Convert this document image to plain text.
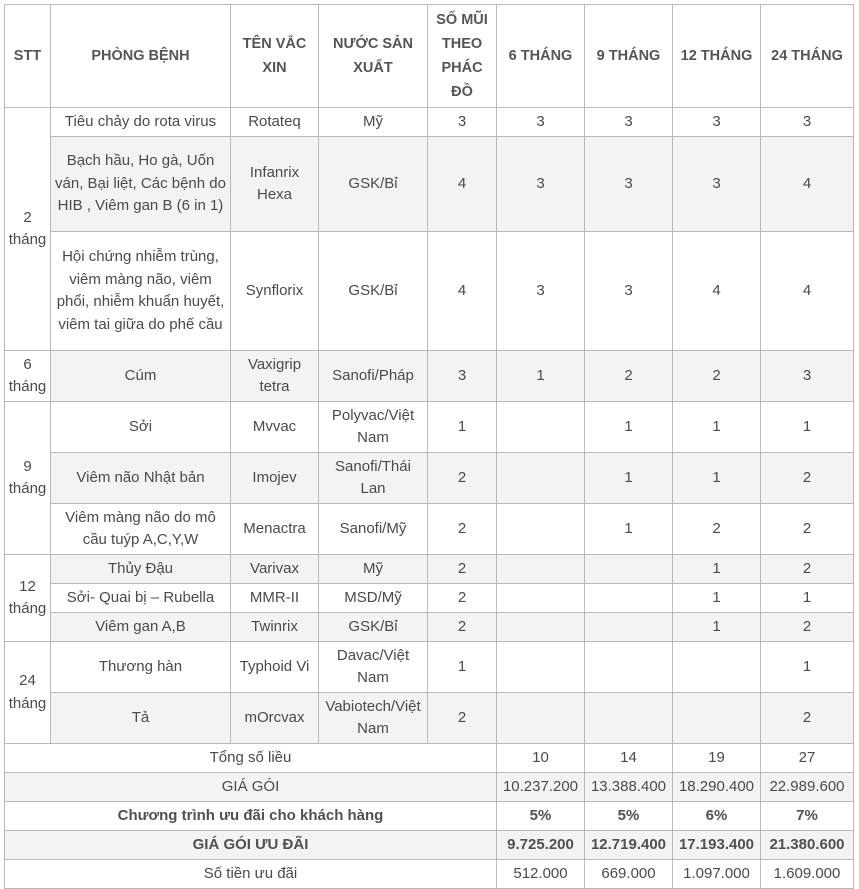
STT	PHÒNG BỆNH	TÊN VẮC XIN	NƯỚC SẢN XUẤT	SỐ MŨI THEO PHÁC ĐỒ	6 THÁNG	9 THÁNG	12 THÁNG	24 THÁNG
2 tháng	Tiêu chảy do rota virus	Rotateq	Mỹ	3	3	3	3	3
	Bạch hầu, Ho gà, Uốn ván, Bại liệt, Các bệnh do HIB , Viêm gan B (6 in 1)	Infanrix Hexa	GSK/Bỉ	4	3	3	3	4
	Hội chứng nhiễm trùng, viêm màng não, viêm phổi, nhiễm khuẩn huyết, viêm tai giữa do phế cầu	Synflorix	GSK/Bỉ	4	3	3	4	4
6 tháng	Cúm	Vaxigrip tetra	Sanofi/Pháp	3	1	2	2	3
9 tháng	Sởi	Mvvac	Polyvac/Việt Nam	1		1	1	1
	Viêm não Nhật bản	Imojev	Sanofi/Thái Lan	2		1	1	2
	Viêm màng não do mô cầu tuýp A,C,Y,W	Menactra	Sanofi/Mỹ	2		1	2	2
12 tháng	Thủy Đậu	Varivax	Mỹ	2			1	2
	Sởi- Quai bị – Rubella	MMR-II	MSD/Mỹ	2			1	1
	Viêm gan A,B	Twinrix	GSK/Bỉ	2			1	2
24 tháng	Thương hàn	Typhoid Vi	Davac/Việt Nam	1				1
	Tả	mOrcvax	Vabiotech/Việt Nam	2				2
Tổng số liều					10	14	19	27
GIÁ GÓI					10.237.200	13.388.400	18.290.400	22.989.600
Chương trình ưu đãi cho khách hàng					5%	5%	6%	7%
GIÁ GÓI ƯU ĐÃI					9.725.200	12.719.400	17.193.400	21.380.600
Số tiền ưu đãi					512.000	669.000	1.097.000	1.609.000
